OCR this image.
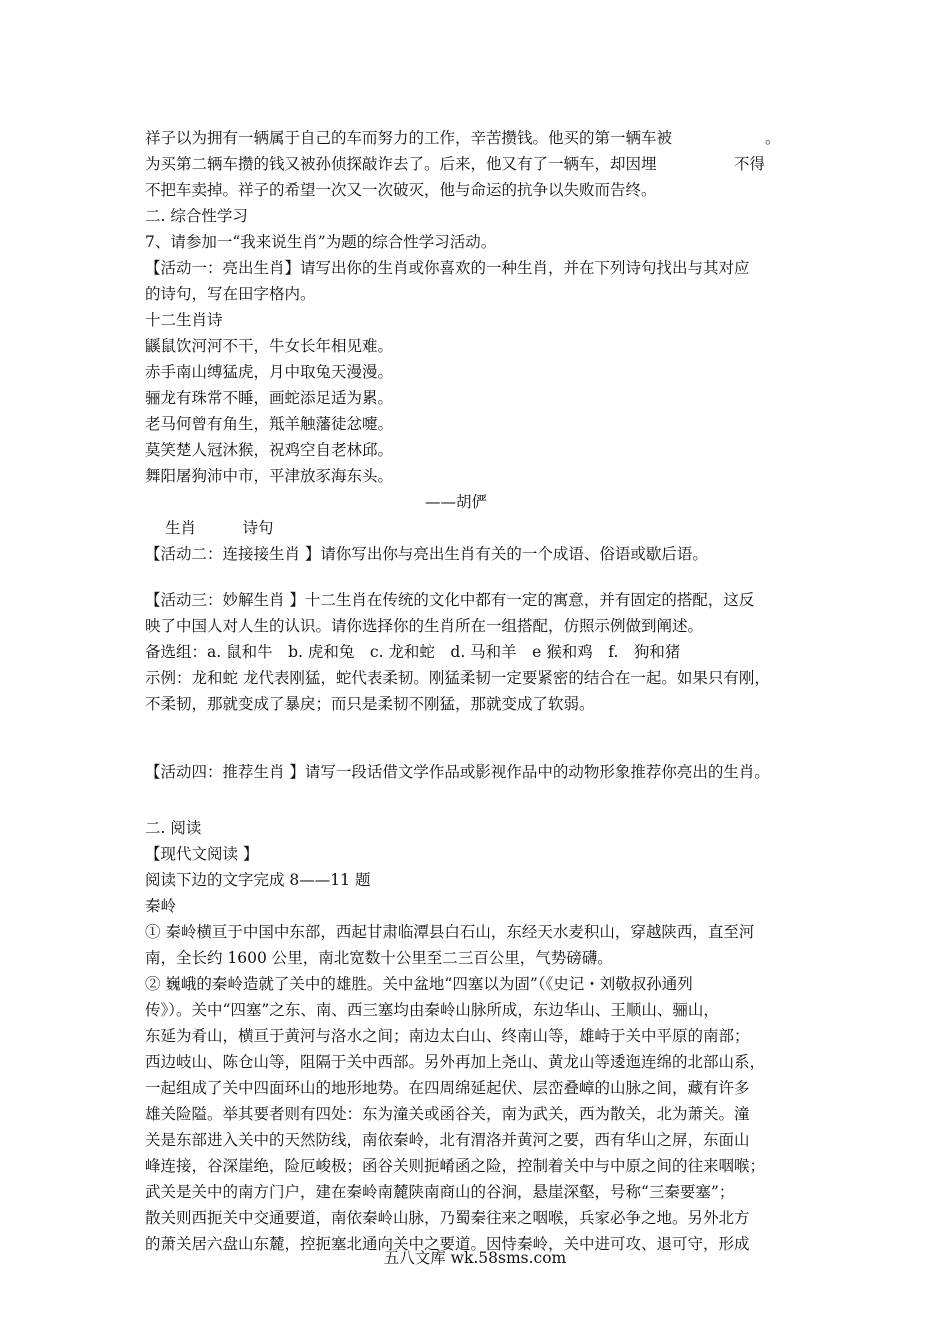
祥子以为拥有一辆属于自己的车而努力的工作，辛苦攒钱。他买的第一辆车被　　　　　　。
为买第二辆车攒的钱又被孙侦探敲诈去了。后来，他又有了一辆车，却因埋　　　　　不得
不把车卖掉。祥子的希望一次又一次破灭，他与命运的抗争以失败而告终。
二. 综合性学习
7、请参加一“我来说生肖”为题的综合性学习活动。
【活动一：亮出生肖】请写出你的生肖或你喜欢的一种生肖，并在下列诗句找出与其对应
的诗句，写在田字格内。
十二生肖诗
鼷鼠饮河河不干，牛女长年相见难。
赤手南山缚猛虎，月中取兔天漫漫。
骊龙有珠常不睡，画蛇添足适为累。
老马何曾有角生，羝羊触藩徒忿嚏。
莫笑楚人冠沐猴，祝鸡空自老林邱。
舞阳屠狗沛中市，平津放豕海东头。
——胡俨
生肖　　　诗句
【活动二：连接接生肖 】请你写出你与亮出生肖有关的一个成语、俗语或歇后语。
【活动三：妙解生肖 】十二生肖在传统的文化中都有一定的寓意，并有固定的搭配，这反
映了中国人对人生的认识。请你选择你的生肖所在一组搭配，仿照示例做到阐述。
备选组：a. 鼠和牛　b. 虎和兔　c. 龙和蛇　d. 马和羊　e 猴和鸡　f.　狗和猪
示例：龙和蛇 龙代表刚猛，蛇代表柔韧。刚猛柔韧一定要紧密的结合在一起。如果只有刚，
不柔韧，那就变成了暴戾；而只是柔韧不刚猛，那就变成了软弱。
【活动四：推荐生肖 】请写一段话借文学作品或影视作品中的动物形象推荐你亮出的生肖。
二. 阅读
【现代文阅读 】
阅读下边的文字完成 8——11 题
秦岭
① 秦岭横亘于中国中东部，西起甘肃临潭县白石山，东经天水麦积山，穿越陕西，直至河
南，全长约 1600 公里，南北宽数十公里至二三百公里，气势磅礴。
② 巍峨的秦岭造就了关中的雄胜。关中盆地“四塞以为固”（《史记・刘敬叔孙通列
传》）。关中“四塞”之东、南、西三塞均由秦岭山脉所成，东边华山、王顺山、骊山，
东延为肴山，横亘于黄河与洛水之间；南边太白山、终南山等，雄峙于关中平原的南部；
西边岐山、陈仓山等，阻隔于关中西部。另外再加上尧山、黄龙山等逶迤连绵的北部山系，
一起组成了关中四面环山的地形地势。在四周绵延起伏、层峦叠嶂的山脉之间，藏有许多
雄关险隘。举其要者则有四处：东为潼关或函谷关，南为武关，西为散关，北为萧关。潼
关是东部进入关中的天然防线，南依秦岭，北有渭洛并黄河之要，西有华山之屏，东面山
峰连接，谷深崖绝，险厄峻极；函谷关则扼崤函之险，控制着关中与中原之间的往来咽喉；
武关是关中的南方门户，建在秦岭南麓陕南商山的谷涧，悬崖深壑，号称“三秦要塞”；
散关则西扼关中交通要道，南依秦岭山脉，乃蜀秦往来之咽喉，兵家必争之地。另外北方
的萧关居六盘山东麓，控扼塞北通向关中之要道。因恃秦岭，关中进可攻、退可守，形成
五八文库 wk.58sms.com
